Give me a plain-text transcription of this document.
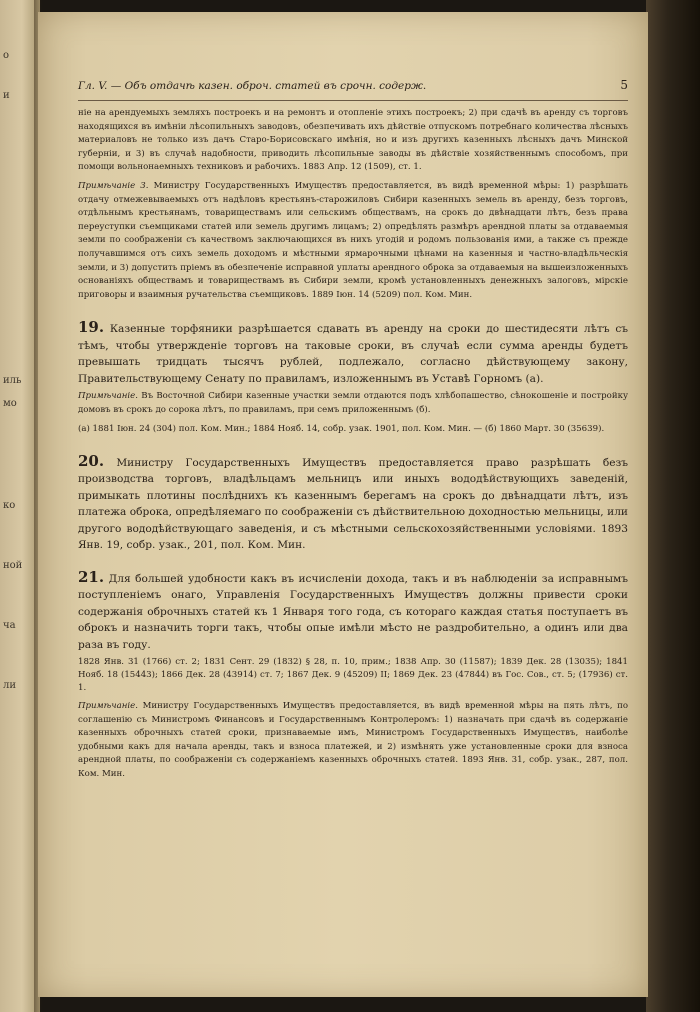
о
и
иль
мо
ко
ной
ча
ли
Гл. V. — Объ отдачѣ казен. оброч. статей въ срочн. содерж.	5

ніе на арендуемыхъ земляхъ построекъ и на ремонтъ и отопленіе этихъ построекъ; 2) при сдачѣ въ аренду съ торговъ находящихся въ имѣніи лѣсопильныхъ заводовъ, обезпечивать ихъ дѣйствіе отпускомъ потребнаго количества лѣсныхъ материаловъ не только изъ дачъ Старо-Борисовскаго имѣнія, но и изъ другихъ казенныхъ лѣсныхъ дачъ Минской губерніи, и 3) въ случаѣ надобности, приводить лѣсопильные заводы въ дѣйствіе хозяйственнымъ способомъ, при помощи вольнонаемныхъ техниковъ и рабочихъ. 1883 Апр. 12 (1509), ст. 1.

Примѣчаніе 3. Министру Государственныхъ Имуществъ предоставляется, въ видѣ временной мѣры: 1) разрѣшать отдачу отмежевываемыхъ отъ надѣловъ крестьянъ-старожиловъ Сибири казенныхъ земель въ аренду, безъ торговъ, отдѣльнымъ крестьянамъ, товариществамъ или сельскимъ обществамъ, на срокъ до двѣнадцати лѣтъ, безъ права переуступки съемщиками статей или земель другимъ лицамъ; 2) опредѣлять размѣръ арендной платы за отдаваемыя земли по соображеніи съ качествомъ заключающихся въ нихъ угодій и родомъ пользованія ими, а также съ прежде получавшимся отъ сихъ земель доходомъ и мѣстными ярмарочными цѣнами на казенныя и частно-владѣльческія земли, и 3) допустить пріемъ въ обезпеченіе исправной уплаты арендного оброка за отдаваемыя на вышеизложенныхъ основаніяхъ обществамъ и товариществамъ въ Сибири земли, кромѣ установленныхъ денежныхъ залоговъ, мірскіе приговоры и взаимныя ручательства съемщиковъ. 1889 Іюн. 14 (5209) пол. Ком. Мин.

19. Казенные торфяники разрѣшается сдавать въ аренду на сроки до шестидесяти лѣтъ съ тѣмъ, чтобы утвержденіе торговъ на таковые сроки, въ случаѣ если сумма аренды будетъ превышать тридцать тысячъ рублей, подлежало, согласно дѣйствующему закону, Правительствующему Сенату по правиламъ, изложеннымъ въ Уставѣ Горномъ (а).

Примѣчаніе. Въ Восточной Сибири казенные участки земли отдаются подъ хлѣбопашество, сѣнокошеніе и постройку домовъ въ срокъ до сорока лѣтъ, по правиламъ, при семъ приложеннымъ (б).

(а) 1881 Іюн. 24 (304) пол. Ком. Мин.; 1884 Нояб. 14, собр. узак. 1901, пол. Ком. Мин. — (б) 1860 Март. 30 (35639).

20. Министру Государственныхъ Имуществъ предоставляется право разрѣшать безъ производства торговъ, владѣльцамъ мельницъ или иныхъ вододѣйствующихъ заведеній, примыкать плотины послѣднихъ къ казеннымъ берегамъ на срокъ до двѣнадцати лѣтъ, изъ платежа оброка, опредѣляемаго по соображеніи съ дѣйствительною доходностью мельницы, или другого вододѣйствующаго заведенія, и съ мѣстными сельскохозяйственными условіями. 1893 Янв. 19, собр. узак., 201, пол. Ком. Мин.

21. Для большей удобности какъ въ исчисленіи дохода, такъ и въ наблюденіи за исправнымъ поступленіемъ онаго, Управленія Государственныхъ Имуществъ должны привести сроки содержанія оброчныхъ статей къ 1 Января того года, съ котораго каждая статья поступаетъ въ оброкъ и назначить торги такъ, чтобы опые имѣли мѣсто не раздробительно, а одинъ или два раза въ году.

1828 Янв. 31 (1766) ст. 2; 1831 Сент. 29 (1832) § 28, п. 10, прим.; 1838 Апр. 30 (11587); 1839 Дек. 28 (13035); 1841 Нояб. 18 (15443); 1866 Дек. 28 (43914) ст. 7; 1867 Дек. 9 (45209) II; 1869 Дек. 23 (47844) въ Гос. Сов., ст. 5; (17936) ст. 1.

Примѣчаніе. Министру Государственныхъ Имуществъ предоставляется, въ видѣ временной мѣры на пять лѣтъ, по соглашенію съ Министромъ Финансовъ и Государственнымъ Контролеромъ: 1) назначать при сдачѣ въ содержаніе казенныхъ оброчныхъ статей сроки, признаваемые имъ, Министромъ Государственныхъ Имуществъ, наиболѣе удобными какъ для начала аренды, такъ и взноса платежей, и 2) измѣнять уже установленные сроки для взноса арендной платы, по соображеніи съ содержаніемъ казенныхъ оброчныхъ статей. 1893 Янв. 31, собр. узак., 287, пол. Ком. Мин.
